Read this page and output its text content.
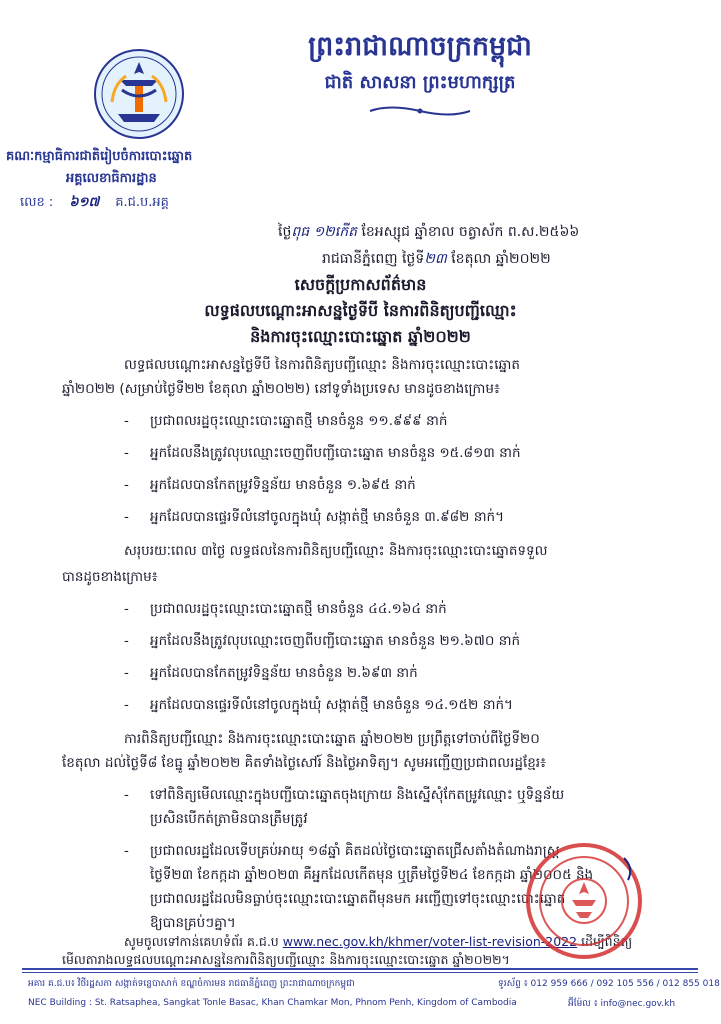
គណៈកម្មាធិការជាតិរៀបចំការបោះឆ្នោត
អគ្គលេខាធិការដ្ឋាន
លេខ : ៦១៧ គ.ជ.ប.អគ្គ
ព្រះរាជាណាចក្រកម្ពុជា
ជាតិ សាសនា ព្រះមហាក្សត្រ
ថ្ងៃពុធ ១២កើត ខែអស្សុជ ឆ្នាំខាល ចត្វាស័ក ព.ស.២៥៦៦
រាជធានីភ្នំពេញ ថ្ងៃទី២៣ ខែតុលា ឆ្នាំ២០២២
សេចក្តីប្រកាសព័ត៌មាន
លទ្ធផលបណ្តោះអាសន្នថ្ងៃទីបី នៃការពិនិត្យបញ្ជីឈ្មោះ
និងការចុះឈ្មោះបោះឆ្នោត ឆ្នាំ២០២២
លទ្ធផលបណ្តោះអាសន្នថ្ងៃទីបី នៃការពិនិត្យបញ្ជីឈ្មោះ និងការចុះឈ្មោះបោះឆ្នោត
ឆ្នាំ២០២២ (សម្រាប់ថ្ងៃទី២២ ខែតុលា ឆ្នាំ២០២២) នៅទូទាំងប្រទេស មានដូចខាងក្រោម៖
- ប្រជាពលរដ្ឋចុះឈ្មោះបោះឆ្នោតថ្មី មានចំនួន ១១.៩៩៩ នាក់
- អ្នកដែលនឹងត្រូវលុបឈ្មោះចេញពីបញ្ជីបោះឆ្នោត មានចំនួន ១៥.៨១៣ នាក់
- អ្នកដែលបានកែតម្រូវទិន្នន័យ មានចំនួន ១.៦៩៥ នាក់
- អ្នកដែលបានផ្ទេរទីលំនៅចូលក្នុងឃុំ សង្កាត់ថ្មី មានចំនួន ៣.៩៨២ នាក់។
សរុបរយៈពេល ៣ថ្ងៃ លទ្ធផលនៃការពិនិត្យបញ្ជីឈ្មោះ និងការចុះឈ្មោះបោះឆ្នោតទទួល
បានដូចខាងក្រោម៖
- ប្រជាពលរដ្ឋចុះឈ្មោះបោះឆ្នោតថ្មី មានចំនួន ៤៤.១៦៤ នាក់
- អ្នកដែលនឹងត្រូវលុបឈ្មោះចេញពីបញ្ជីបោះឆ្នោត មានចំនួន ២១.៦៧០ នាក់
- អ្នកដែលបានកែតម្រូវទិន្នន័យ មានចំនួន ២.៦៩៣ នាក់
- អ្នកដែលបានផ្ទេរទីលំនៅចូលក្នុងឃុំ សង្កាត់ថ្មី មានចំនួន ១៤.១៥២ នាក់។
ការពិនិត្យបញ្ជីឈ្មោះ និងការចុះឈ្មោះបោះឆ្នោត ឆ្នាំ២០២២ ប្រព្រឹត្តទៅចាប់ពីថ្ងៃទី២០
ខែតុលា ដល់ថ្ងៃទី៨ ខែធ្នូ ឆ្នាំ២០២២ គិតទាំងថ្ងៃសៅរ៍ និងថ្ងៃអាទិត្យ។ សូមអញ្ជើញប្រជាពលរដ្ឋខ្មែរ៖
- ទៅពិនិត្យមើលឈ្មោះក្នុងបញ្ជីបោះឆ្នោតចុងក្រោយ និងស្នើសុំកែតម្រូវឈ្មោះ ឬទិន្នន័យ
ប្រសិនបើកត់ត្រាមិនបានត្រឹមត្រូវ
- ប្រជាពលរដ្ឋដែលទើបគ្រប់អាយុ ១៨ឆ្នាំ គិតដល់ថ្ងៃបោះឆ្នោតជ្រើសតាំងតំណាងរាស្ត្រ
ថ្ងៃទី២៣ ខែកក្កដា ឆ្នាំ២០២៣ គឺអ្នកដែលកើតមុន ឬត្រឹមថ្ងៃទី២៤ ខែកក្កដា ឆ្នាំ២០០៥ និង
ប្រជាពលរដ្ឋដែលមិនធ្លាប់ចុះឈ្មោះបោះឆ្នោតពីមុនមក អញ្ជើញទៅចុះឈ្មោះបោះឆ្នោត
ឱ្យបានគ្រប់ៗគ្នា។
សូមចូលទៅកាន់គេហទំព័រ គ.ជ.ប www.nec.gov.kh/khmer/voter-list-revision-2022 ដើម្បីពិនិត្យ
មើលតារាងលទ្ធផលបណ្តោះអាសន្ននៃការពិនិត្យបញ្ជីឈ្មោះ និងការចុះឈ្មោះបោះឆ្នោត ឆ្នាំ២០២២។
អគារ គ.ជ.ប៖ វិថីរដ្ឋសភា សង្កាត់ទន្លេបាសាក់ ខណ្ឌចំការមន រាជធានីភ្នំពេញ ព្រះរាជាណាចក្រកម្ពុជា	ទូរស័ព្ទ ៖ 012 959 666 / 092 105 556 / 012 855 018
NEC Building : St. Ratsaphea, Sangkat Tonle Basac, Khan Chamkar Mon, Phnom Penh, Kingdom of Cambodia	អ៊ីម៉ែល ៖ info@nec.gov.kh
